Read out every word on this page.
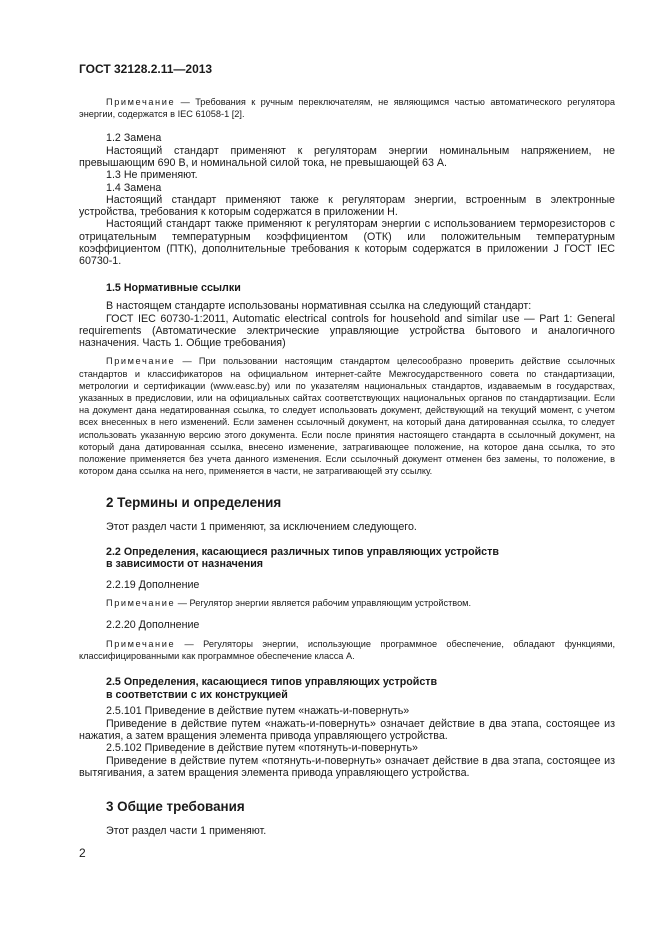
ГОСТ 32128.2.11—2013

Примечание — Требования к ручным переключателям, не являющимся частью автоматического регулятора энергии, содержатся в IEC 61058-1 [2].

1.2 Замена

Настоящий стандарт применяют к регуляторам энергии номинальным напряжением, не превышающим 690 В, и номинальной силой тока, не превышающей 63 А.

1.3 Не применяют.

1.4 Замена

Настоящий стандарт применяют также к регуляторам энергии, встроенным в электронные устройства, требования к которым содержатся в приложении Н.

Настоящий стандарт также применяют к регуляторам энергии с использованием терморезисторов с отрицательным температурным коэффициентом (ОТК) или положительным температурным коэффициентом (ПТК), дополнительные требования к которым содержатся в приложении J ГОСТ IEC 60730-1.

1.5 Нормативные ссылки

В настоящем стандарте использованы нормативная ссылка на следующий стандарт:

ГОСТ IEC 60730-1:2011, Automatic electrical controls for household and similar use — Part 1: General requirements (Автоматические электрические управляющие устройства бытового и аналогичного назначения. Часть 1. Общие требования)

Примечание — При пользовании настоящим стандартом целесообразно проверить действие ссылочных стандартов и классификаторов на официальном интернет-сайте Межгосударственного совета по стандартизации, метрологии и сертификации (www.easc.by) или по указателям национальных стандартов, издаваемым в государствах, указанных в предисловии, или на официальных сайтах соответствующих национальных органов по стандартизации. Если на документ дана недатированная ссылка, то следует использовать документ, действующий на текущий момент, с учетом всех внесенных в него изменений. Если заменен ссылочный документ, на который дана датированная ссылка, то следует использовать указанную версию этого документа. Если после принятия настоящего стандарта в ссылочный документ, на который дана датированная ссылка, внесено изменение, затрагивающее положение, на которое дана ссылка, то это положение применяется без учета данного изменения. Если ссылочный документ отменен без замены, то положение, в котором дана ссылка на него, применяется в части, не затрагивающей эту ссылку.

2 Термины и определения

Этот раздел части 1 применяют, за исключением следующего.

2.2 Определения, касающиеся различных типов управляющих устройств

в зависимости от назначения

2.2.19 Дополнение

Примечание — Регулятор энергии является рабочим управляющим устройством.

2.2.20 Дополнение

Примечание — Регуляторы энергии, использующие программное обеспечение, обладают функциями, классифицированными как программное обеспечение класса А.

2.5 Определения, касающиеся типов управляющих устройств

в соответствии с их конструкцией

2.5.101 Приведение в действие путем «нажать-и-повернуть»

Приведение в действие путем «нажать-и-повернуть» означает действие в два этапа, состоящее из нажатия, а затем вращения элемента привода управляющего устройства.

2.5.102 Приведение в действие путем «потянуть-и-повернуть»

Приведение в действие путем «потянуть-и-повернуть» означает действие в два этапа, состоящее из вытягивания, а затем вращения элемента привода управляющего устройства.

3 Общие требования

Этот раздел части 1 применяют.

2
